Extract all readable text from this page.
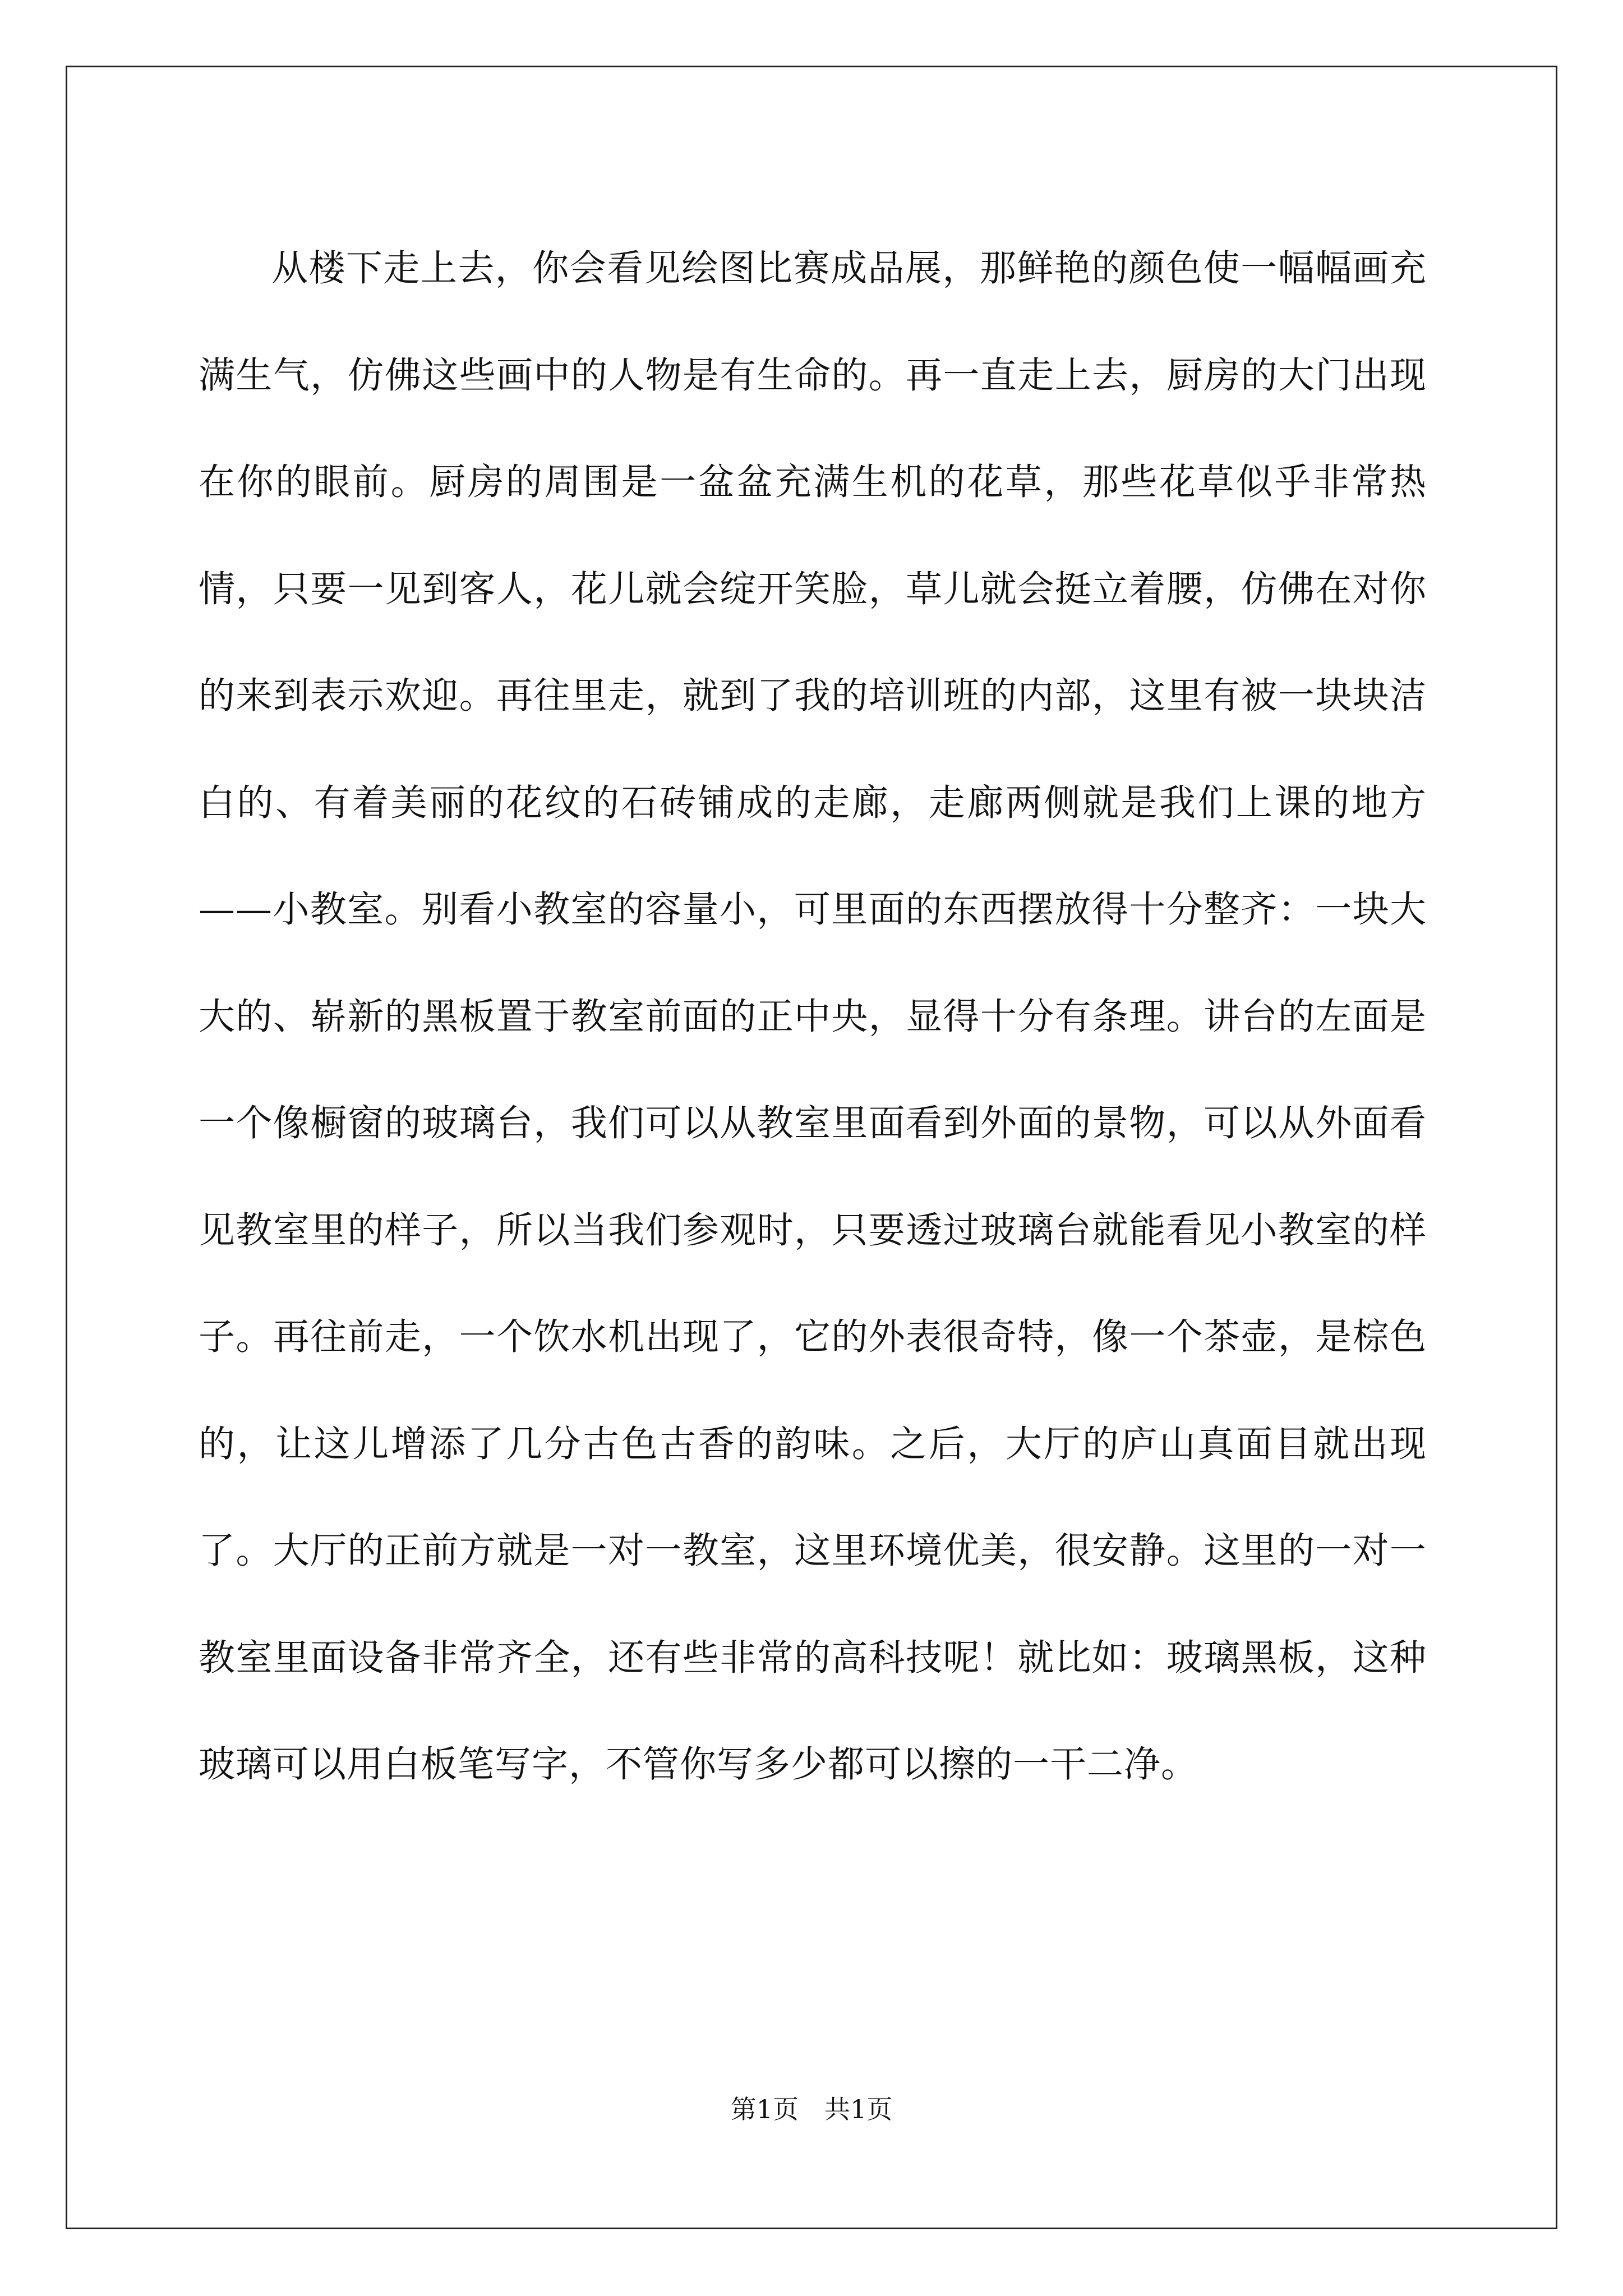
从楼下走上去，你会看见绘图比赛成品展，那鲜艳的颜色使一幅幅画充满生气，仿佛这些画中的人物是有生命的。再一直走上去，厨房的大门出现在你的眼前。厨房的周围是一盆盆充满生机的花草，那些花草似乎非常热情，只要一见到客人，花儿就会绽开笑脸，草儿就会挺立着腰，仿佛在对你的来到表示欢迎。再往里走，就到了我的培训班的内部，这里有被一块块洁白的、有着美丽的花纹的石砖铺成的走廊，走廊两侧就是我们上课的地方——小教室。别看小教室的容量小，可里面的东西摆放得十分整齐：一块大大的、崭新的黑板置于教室前面的正中央，显得十分有条理。讲台的左面是一个像橱窗的玻璃台，我们可以从教室里面看到外面的景物，可以从外面看见教室里的样子，所以当我们参观时，只要透过玻璃台就能看见小教室的样子。再往前走，一个饮水机出现了，它的外表很奇特，像一个茶壶，是棕色的，让这儿增添了几分古色古香的韵味。之后，大厅的庐山真面目就出现了。大厅的正前方就是一对一教室，这里环境优美，很安静。这里的一对一教室里面设备非常齐全，还有些非常的高科技呢！就比如：玻璃黑板，这种玻璃可以用白板笔写字，不管你写多少都可以擦的一干二净。

第1页　共1页
